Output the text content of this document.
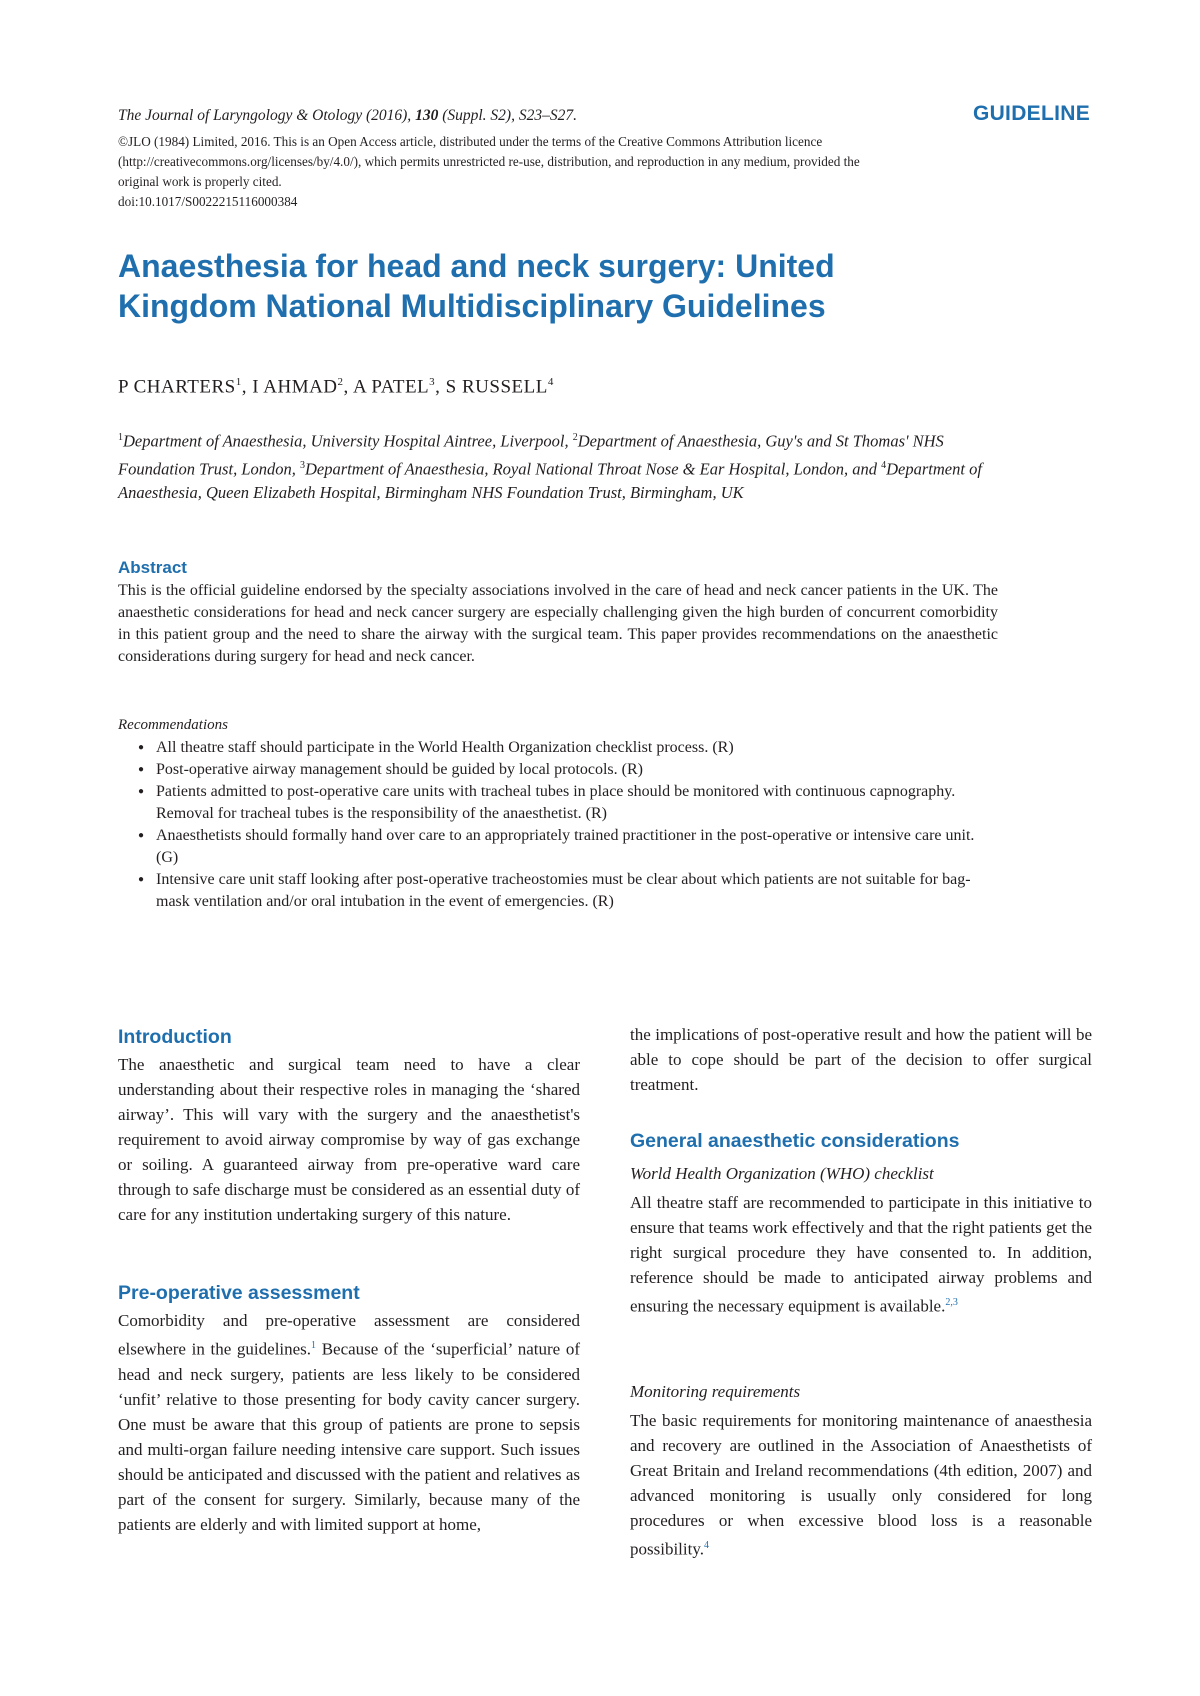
The Journal of Laryngology & Otology (2016), 130 (Suppl. S2), S23–S27.	GUIDELINE
©JLO (1984) Limited, 2016. This is an Open Access article, distributed under the terms of the Creative Commons Attribution licence (http://creativecommons.org/licenses/by/4.0/), which permits unrestricted re-use, distribution, and reproduction in any medium, provided the original work is properly cited.
doi:10.1017/S0022215116000384
Anaesthesia for head and neck surgery: United Kingdom National Multidisciplinary Guidelines
P CHARTERS$^1$, I AHMAD$^2$, A PATEL$^3$, S RUSSELL$^4$
$^1$Department of Anaesthesia, University Hospital Aintree, Liverpool, $^2$Department of Anaesthesia, Guy's and St Thomas' NHS Foundation Trust, London, $^3$Department of Anaesthesia, Royal National Throat Nose & Ear Hospital, London, and $^4$Department of Anaesthesia, Queen Elizabeth Hospital, Birmingham NHS Foundation Trust, Birmingham, UK
Abstract
This is the official guideline endorsed by the specialty associations involved in the care of head and neck cancer patients in the UK. The anaesthetic considerations for head and neck cancer surgery are especially challenging given the high burden of concurrent comorbidity in this patient group and the need to share the airway with the surgical team. This paper provides recommendations on the anaesthetic considerations during surgery for head and neck cancer.
Recommendations
● All theatre staff should participate in the World Health Organization checklist process. (R)
● Post-operative airway management should be guided by local protocols. (R)
● Patients admitted to post-operative care units with tracheal tubes in place should be monitored with continuous capnography. Removal for tracheal tubes is the responsibility of the anaesthetist. (R)
● Anaesthetists should formally hand over care to an appropriately trained practitioner in the post-operative or intensive care unit. (G)
● Intensive care unit staff looking after post-operative tracheostomies must be clear about which patients are not suitable for bag-mask ventilation and/or oral intubation in the event of emergencies. (R)
Introduction
The anaesthetic and surgical team need to have a clear understanding about their respective roles in managing the ‘shared airway’. This will vary with the surgery and the anaesthetist's requirement to avoid airway compromise by way of gas exchange or soiling. A guaranteed airway from pre-operative ward care through to safe discharge must be considered as an essential duty of care for any institution undertaking surgery of this nature.
Pre-operative assessment
Comorbidity and pre-operative assessment are considered elsewhere in the guidelines.$^1$ Because of the ‘superficial’ nature of head and neck surgery, patients are less likely to be considered ‘unfit’ relative to those presenting for body cavity cancer surgery. One must be aware that this group of patients are prone to sepsis and multi-organ failure needing intensive care support. Such issues should be anticipated and discussed with the patient and relatives as part of the consent for surgery. Similarly, because many of the patients are elderly and with limited support at home,
the implications of post-operative result and how the patient will be able to cope should be part of the decision to offer surgical treatment.
General anaesthetic considerations
World Health Organization (WHO) checklist
All theatre staff are recommended to participate in this initiative to ensure that teams work effectively and that the right patients get the right surgical procedure they have consented to. In addition, reference should be made to anticipated airway problems and ensuring the necessary equipment is available.$^{2,3}$
Monitoring requirements
The basic requirements for monitoring maintenance of anaesthesia and recovery are outlined in the Association of Anaesthetists of Great Britain and Ireland recommendations (4th edition, 2007) and advanced monitoring is usually only considered for long procedures or when excessive blood loss is a reasonable possibility.$^4$
